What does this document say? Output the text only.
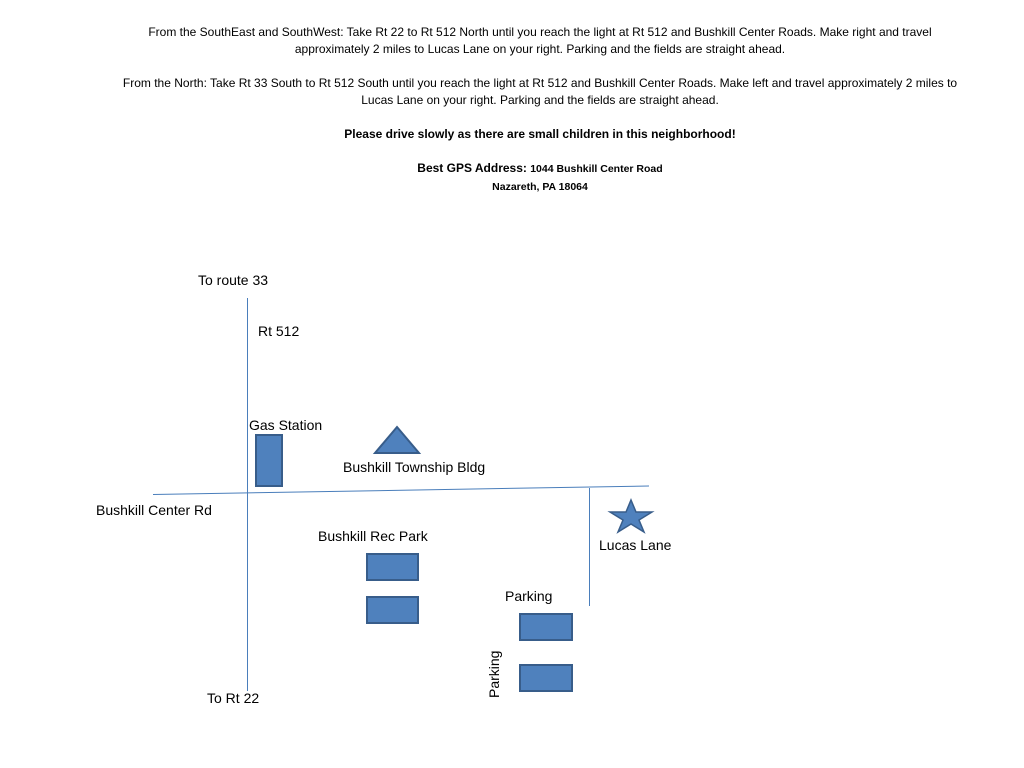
From the SouthEast and SouthWest: Take Rt 22 to Rt 512 North until you reach the light at Rt 512 and Bushkill Center Roads. Make right and travel approximately 2 miles to Lucas Lane on your right. Parking and the fields are straight ahead.

From the North: Take Rt 33 South to Rt 512 South until you reach the light at Rt 512 and Bushkill Center Roads. Make left and travel approximately 2 miles to Lucas Lane on your right. Parking and the fields are straight ahead.

Please drive slowly as there are small children in this neighborhood!

Best GPS Address: 1044 Bushkill Center Road
Nazareth, PA 18064
To route 33
Rt 512
Gas Station
Bushkill Township Bldg
Bushkill Center Rd
Bushkill Rec Park
Lucas Lane
Parking
Parking
To Rt 22
